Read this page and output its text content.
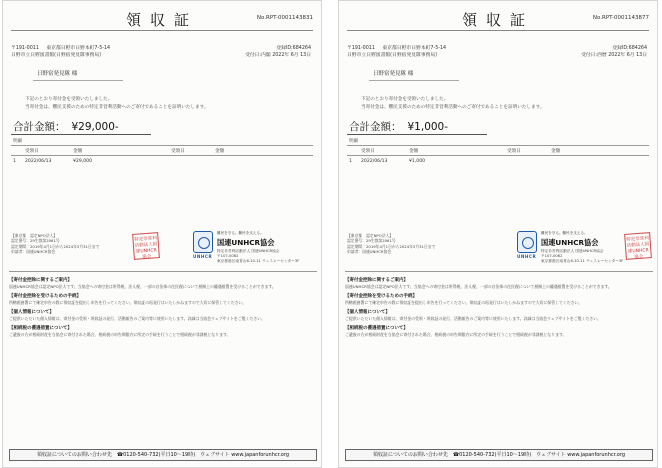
領収証	No.RPT-0001143831
〒191-0011 東京都日野市日野本町7-5-14
日野市立日野図書館(日野宿発見隊事務局)
登録ID:684264
受付日:内閣 2022年 6月 13日
日野宿発見隊 様
下記のとおり寄付金を受領いたしました。
当寄付金は、難民支援のための特定非営利活動へのご寄付であることを証明いたします。
合計金額： ¥29,000-
明細
受領日	金額	受領日	金額
1	2022/06/13	¥29,000
【東京都　認定NPO法人】
認定番号：29生都第2061号
認定期間：2019年4月1日から2024年3月31日まで
申請者：国連UNHCR協会
特定非営利活動法人国連UNHCR協会	UNHCR
難民を守る。難民を支える。
国連UNHCR協会
特定非営利活動法人 国連UNHCR協会
〒107-0062
東京都港区南青山6-10-11 ウェスレーセンター3F
【寄付金控除に関するご案内】
国連UNHCR協会は認定NPO法人です。当協会への寄付金は所得税、法人税、一部の自治体の住民税について税制上の優遇措置を受けることができます。
【寄付金控除を受けるための手続】
所轄税務署にて確定申告の際に領収証を提出し申告を行ってください。領収証の再発行はいたしかねますので大切に保管してください。
【個人情報について】
ご提供いただいた個人情報は、寄付金の受領・領収証の発行、活動報告のご案内等に使用いたします。詳細は当協会ウェブサイトをご覧ください。
【相続税の優遇措置について】
ご遺族の方が相続財産を当協会に寄付された場合、相続税の申告期限内に所定の手続を行うことで相続税が非課税となります。
領収証についてのお問い合わせ先　☎0120-540-732(平日10～19時)　ウェブサイト www.japanforunhcr.org
領収証	No.RPT-0001143877
〒191-0011 東京都日野市日野本町7-5-14
日野市立日野図書館(日野宿発見隊事務局)
登録ID:684264
受付日:西暦 2022年 6月 13日
日野宿発見隊 様
下記のとおり寄付金を受領いたしました。
当寄付金は、難民支援のための特定非営利活動へのご寄付であることを証明いたします。
合計金額： ¥1,000-
明細
受領日	金額	受領日	金額
1	2022/06/13	¥1,000
【東京都　認定NPO法人】
認定番号：29生都第2061号
認定期間：2019年4月1日から2024年3月31日まで
申請者：国連UNHCR協会
特定非営利活動法人国連UNHCR協会
UNHCR
難民を守る。難民を支える。
国連UNHCR協会
特定非営利活動法人 国連UNHCR協会
〒107-0062
東京都港区南青山6-10-11 ウェスレーセンター3F
【寄付金控除に関するご案内】
国連UNHCR協会は認定NPO法人です。当協会への寄付金は所得税、法人税、一部の自治体の住民税について税制上の優遇措置を受けることができます。
【寄付金控除を受けるための手続】
所轄税務署にて確定申告の際に領収証を提出し申告を行ってください。領収証の再発行はいたしかねますので大切に保管してください。
【個人情報について】
ご提供いただいた個人情報は、寄付金の受領・領収証の発行、活動報告のご案内等に使用いたします。詳細は当協会ウェブサイトをご覧ください。
【相続税の優遇措置について】
ご遺族の方が相続財産を当協会に寄付された場合、相続税の申告期限内に所定の手続を行うことで相続税が非課税となります。
領収証についてのお問い合わせ先　☎0120-540-732(平日10～19時)　ウェブサイト www.japanforunhcr.org
